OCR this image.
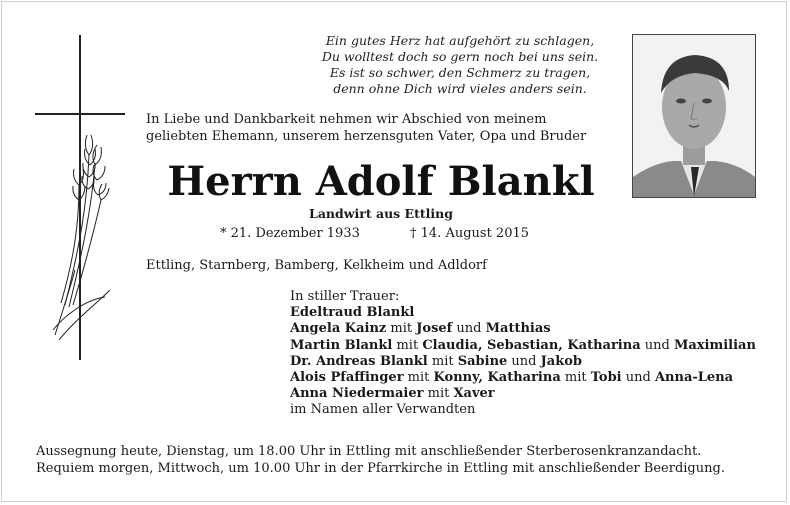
Ein gutes Herz hat aufgehört zu schlagen,
Du wolltest doch so gern noch bei uns sein.
Es ist so schwer, den Schmerz zu tragen,
denn ohne Dich wird vieles anders sein.
In Liebe und Dankbarkeit nehmen wir Abschied von meinem
geliebten Ehemann, unserem herzensguten Vater, Opa und Bruder
Herrn Adolf Blankl
Landwirt aus Ettling
* 21. Dezember 1933	† 14. August 2015
Ettling, Starnberg, Bamberg, Kelkheim und Adldorf
In stiller Trauer:
Edeltraud Blankl
Angela Kainz mit Josef und Matthias
Martin Blankl mit Claudia, Sebastian, Katharina und Maximilian
Dr. Andreas Blankl mit Sabine und Jakob
Alois Pfaffinger mit Konny, Katharina mit Tobi und Anna-Lena
Anna Niedermaier mit Xaver
im Namen aller Verwandten
Aussegnung heute, Dienstag, um 18.00 Uhr in Ettling mit anschließender Sterberosenkranzandacht.
Requiem morgen, Mittwoch, um 10.00 Uhr in der Pfarrkirche in Ettling mit anschließender Beerdigung.
